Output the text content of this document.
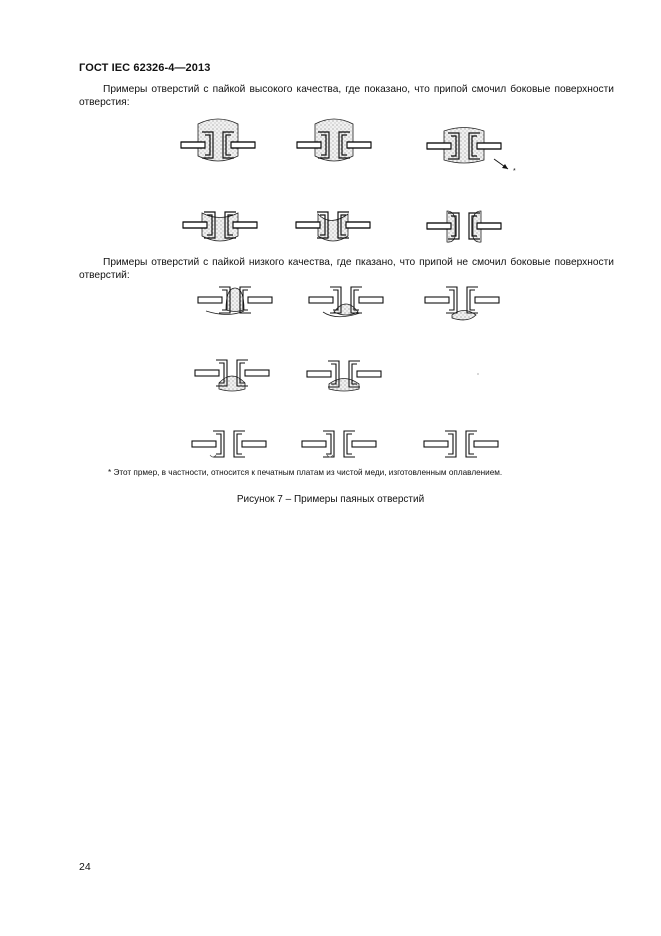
ГОСТ IEC 62326-4—2013
Примеры отверстий с пайкой высокого качества, где показано, что припой смочил боковые поверхности отверстия:
Примеры отверстий с пайкой низкого качества, где пказано, что припой не смочил боковые поверхности отверстий:
*
* Этот прмер, в частности, относится к печатным платам из чистой меди, изготовленным оплавлением.
Рисунок 7 – Примеры паяных отверстий
24
